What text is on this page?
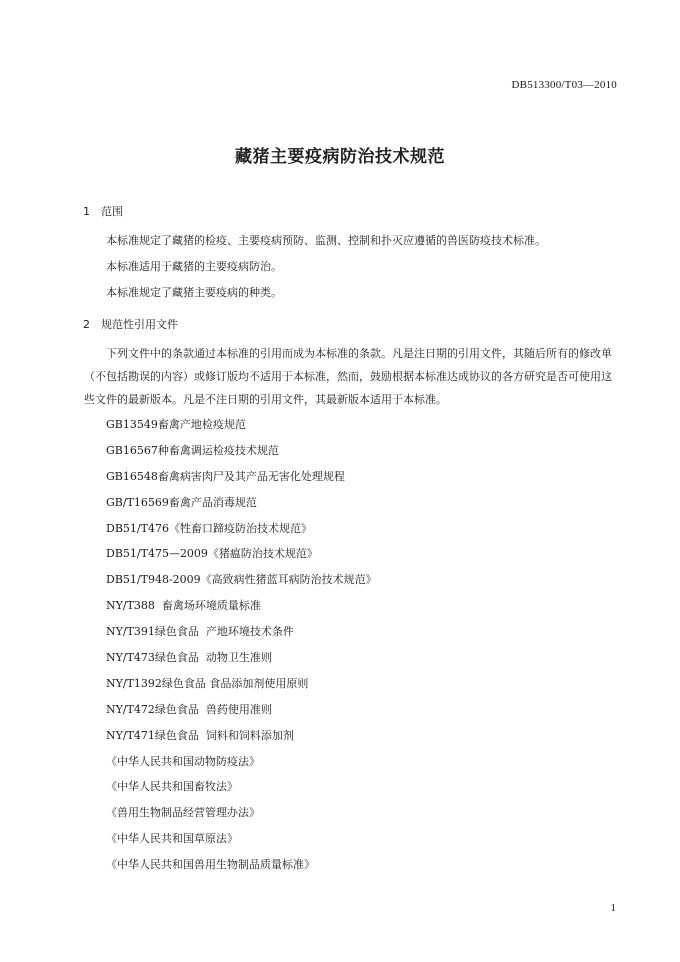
DB513300/T03—2010
藏猪主要疫病防治技术规范
1 范围
本标准规定了藏猪的检疫、主要疫病预防、监测、控制和扑灭应遵循的兽医防疫技术标准。
本标准适用于藏猪的主要疫病防治。
本标准规定了藏猪主要疫病的种类。
2 规范性引用文件
下列文件中的条款通过本标准的引用而成为本标准的条款。凡是注日期的引用文件，其随后所有的修改单（不包括勘误的内容）或修订版均不适用于本标准，然而，鼓励根据本标准达成协议的各方研究是否可使用这些文件的最新版本。凡是不注日期的引用文件，其最新版本适用于本标准。
GB13549畜禽产地检疫规范
GB16567种畜禽调运检疫技术规范
GB16548畜禽病害肉尸及其产品无害化处理规程
GB/T16569畜禽产品消毒规范
DB51/T476《牲畜口蹄疫防治技术规范》
DB51/T475—2009《猪瘟防治技术规范》
DB51/T948-2009《高致病性猪蓝耳病防治技术规范》
NY/T388  畜禽场环境质量标准
NY/T391绿色食品  产地环境技术条件
NY/T473绿色食品  动物卫生准则
NY/T1392绿色食品 食品添加剂使用原则
NY/T472绿色食品  兽药使用准则
NY/T471绿色食品  饲料和饲料添加剂
《中华人民共和国动物防疫法》
《中华人民共和国畜牧法》
《兽用生物制品经营管理办法》
《中华人民共和国草原法》
《中华人民共和国兽用生物制品质量标准》
1
